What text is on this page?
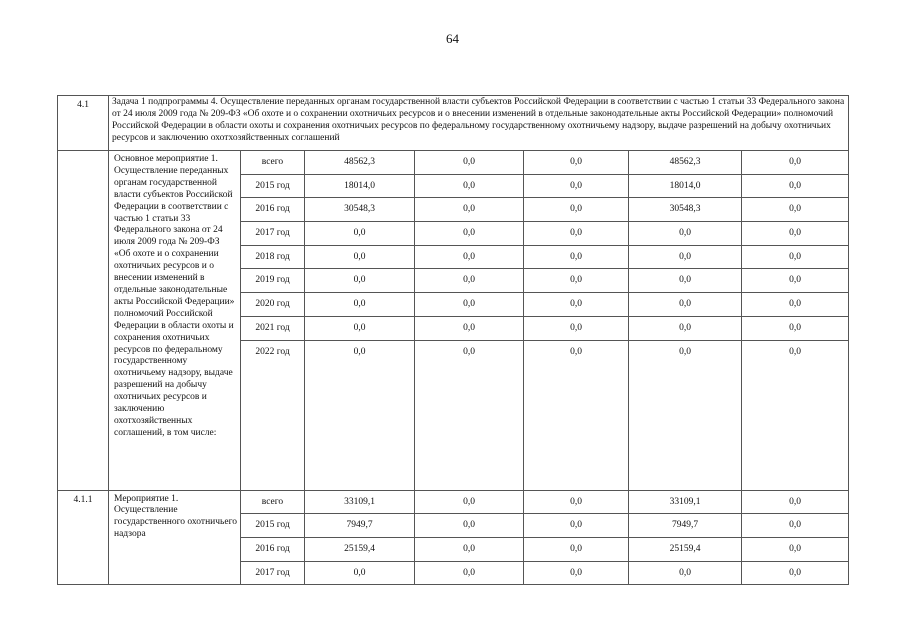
64
4.1	Задача 1 подпрограммы 4. Осуществление переданных органам государственной власти субъектов Российской Федерации в соответствии с частью 1 статьи 33 Федерального закона от 24 июля 2009 года № 209-ФЗ «Об охоте и о сохранении охотничьих ресурсов и о внесении изменений в отдельные законодательные акты Российской Федерации» полномочий Российской Федерации в области охоты и сохранения охотничьих ресурсов по федеральному государственному охотничьему надзору, выдаче разрешений на добычу охотничьих ресурсов и заключению охотхозяйственных соглашений						
	Основное мероприятие 1. Осуществление переданных органам государственной власти субъектов Российской Федерации в соответствии с частью 1 статьи 33 Федерального закона от 24 июля 2009 года № 209-ФЗ «Об охоте и о сохранении охотничьих ресурсов и о внесении изменений в отдельные законодательные акты Российской Федерации» полномочий Российской Федерации в области охоты и сохранения охотничьих ресурсов по федеральному государственному охотничьему надзору, выдаче разрешений на добычу охотничьих ресурсов и заключению охотхозяйственных соглашений, в том числе:	всего	48562,3	0,0	0,0	48562,3	0,0
		2015 год	18014,0	0,0	0,0	18014,0	0,0
		2016 год	30548,3	0,0	0,0	30548,3	0,0
		2017 год	0,0	0,0	0,0	0,0	0,0
		2018 год	0,0	0,0	0,0	0,0	0,0
		2019 год	0,0	0,0	0,0	0,0	0,0
		2020 год	0,0	0,0	0,0	0,0	0,0
		2021 год	0,0	0,0	0,0	0,0	0,0
		2022 год	0,0	0,0	0,0	0,0	0,0
4.1.1	Мероприятие 1. Осуществление государственного охотничьего надзора	всего	33109,1	0,0	0,0	33109,1	0,0
		2015 год	7949,7	0,0	0,0	7949,7	0,0
		2016 год	25159,4	0,0	0,0	25159,4	0,0
		2017 год	0,0	0,0	0,0	0,0	0,0
